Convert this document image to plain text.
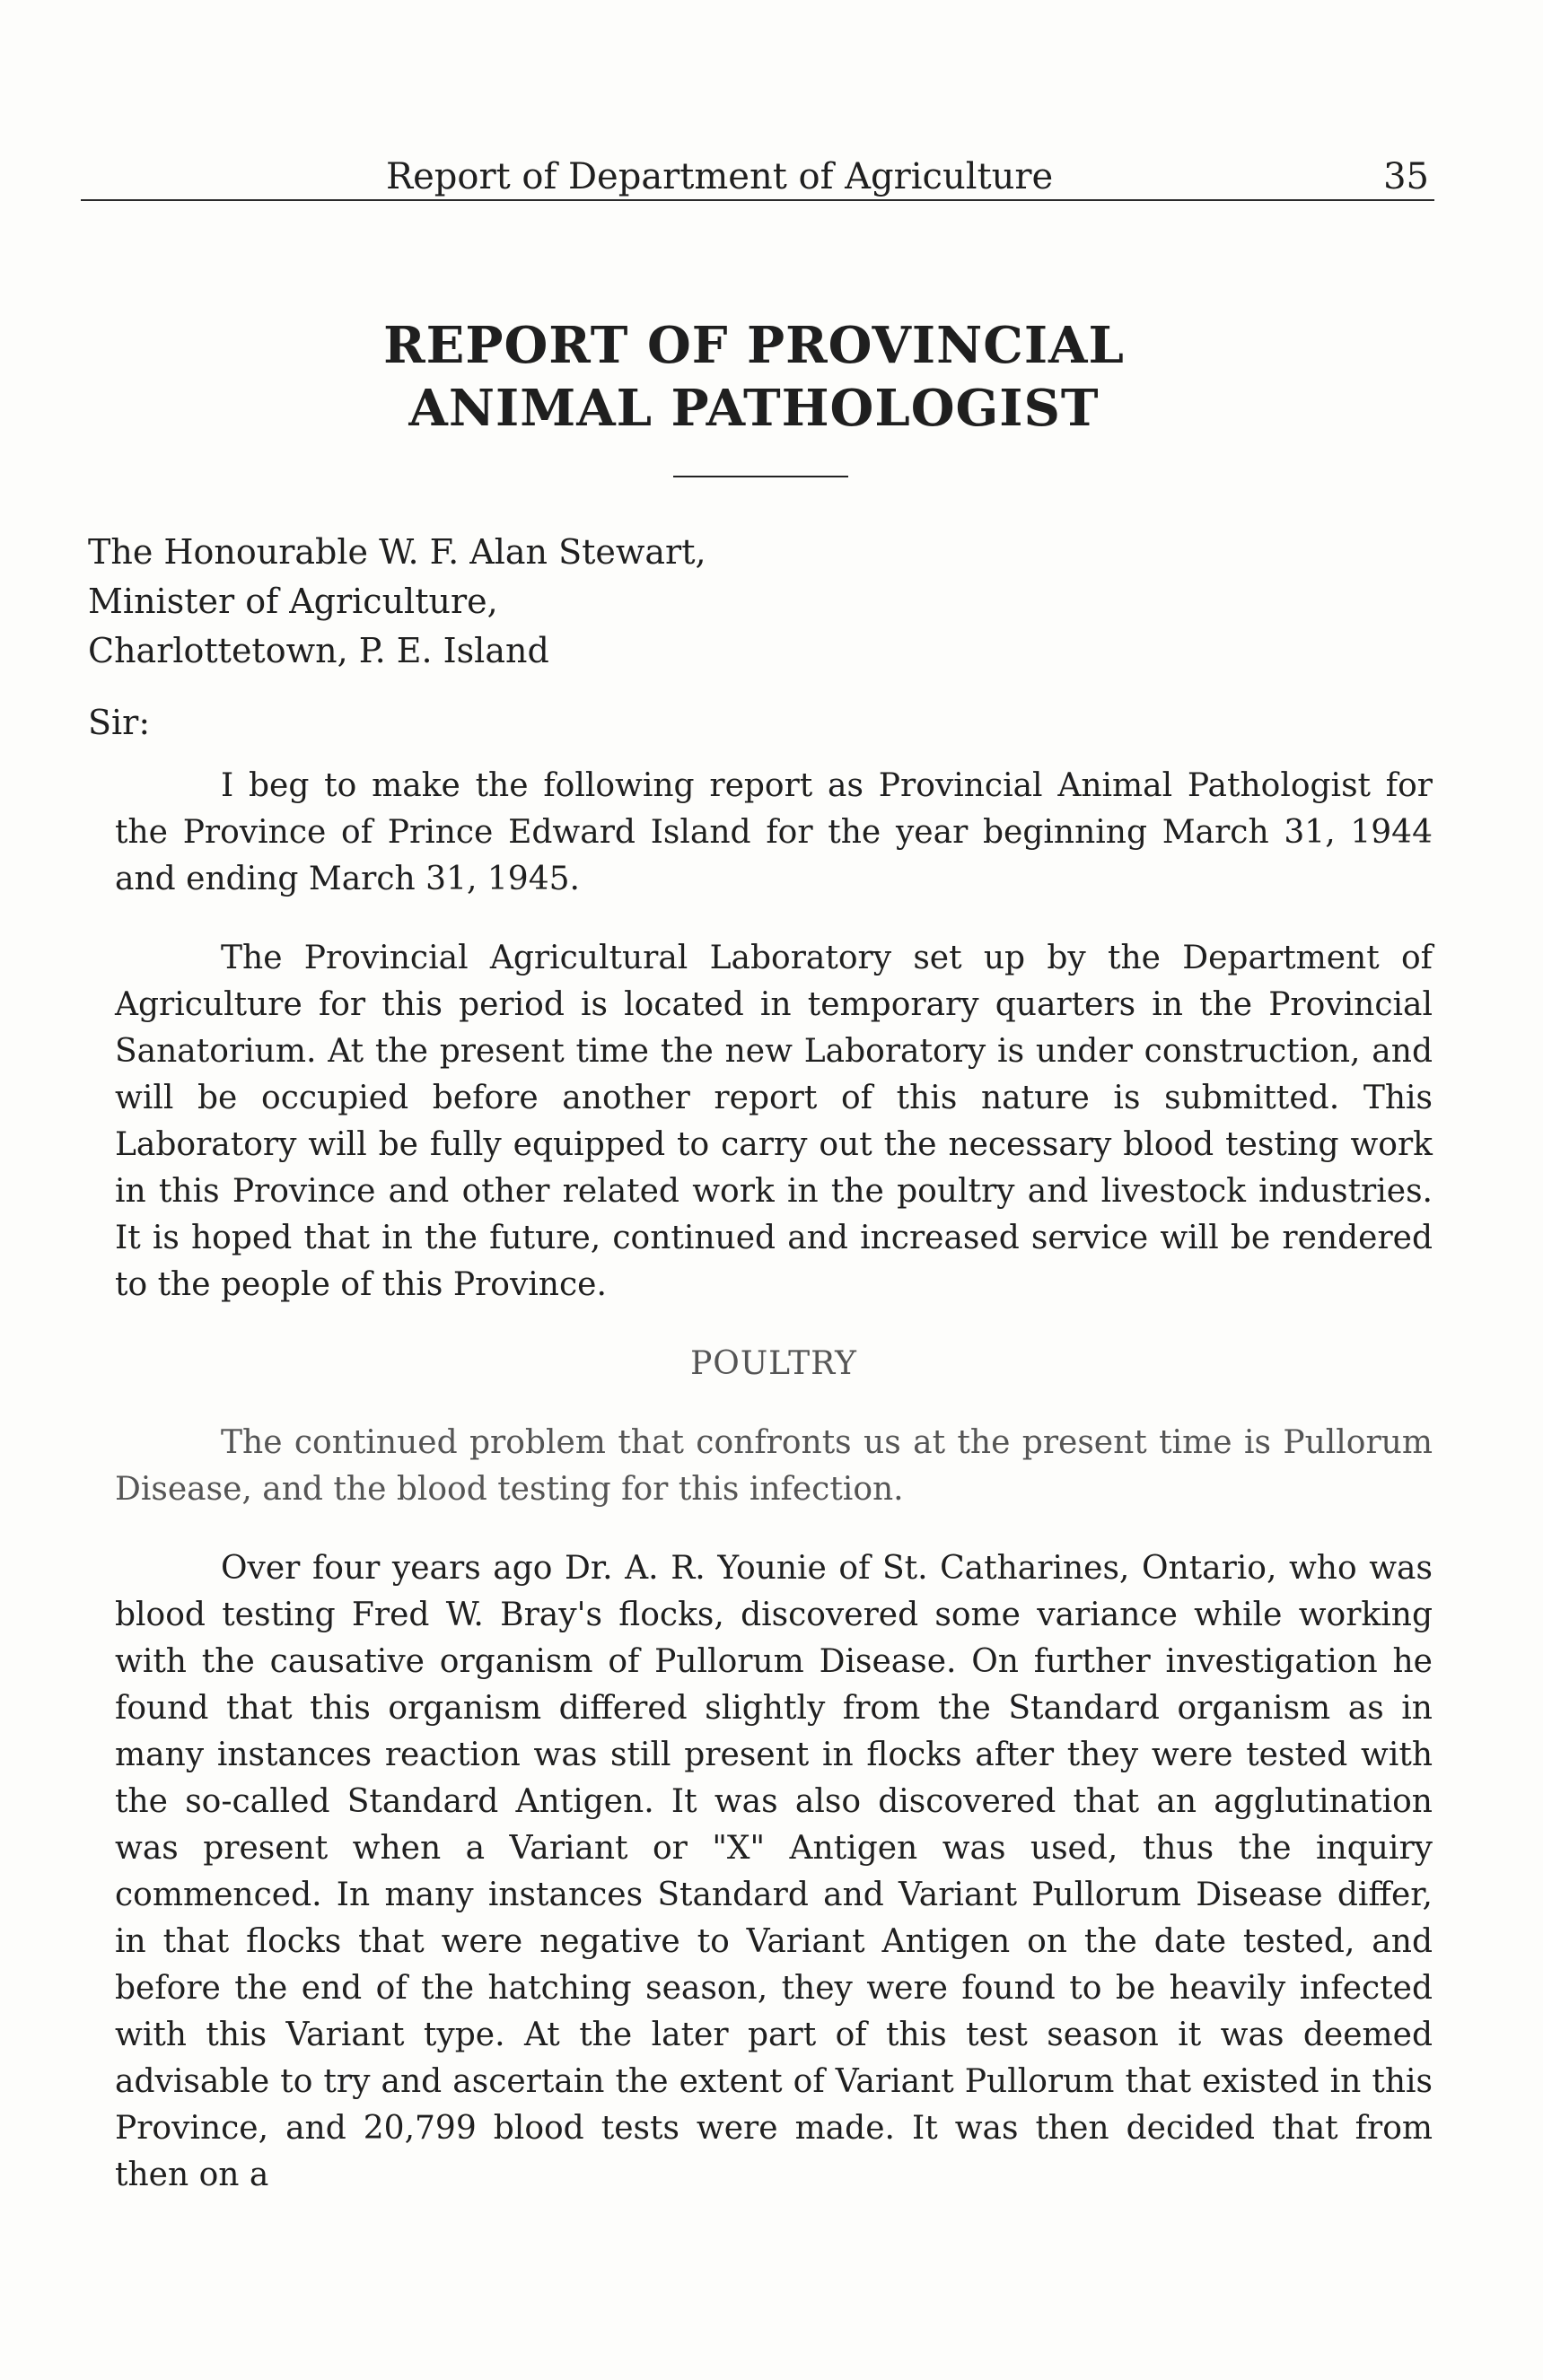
Report of Department of Agriculture	35
REPORT OF PROVINCIAL
ANIMAL PATHOLOGIST
The Honourable W. F. Alan Stewart,
Minister of Agriculture,
Charlottetown, P. E. Island
Sir:

I beg to make the following report as Provincial Animal Pathologist for the Province of Prince Edward Island for the year beginning March 31, 1944 and ending March 31, 1945.

The Provincial Agricultural Laboratory set up by the Department of Agriculture for this period is located in temporary quarters in the Provincial Sanatorium. At the present time the new Laboratory is under construction, and will be occupied before another report of this nature is submitted. This Laboratory will be fully equipped to carry out the necessary blood testing work in this Province and other related work in the poultry and livestock industries. It is hoped that in the future, continued and increased service will be rendered to the people of this Province.

POULTRY

The continued problem that confronts us at the present time is Pullorum Disease, and the blood testing for this infection.

Over four years ago Dr. A. R. Younie of St. Catharines, Ontario, who was blood testing Fred W. Bray's flocks, discovered some variance while working with the causative organism of Pullorum Disease. On further investigation he found that this organism differed slightly from the Standard organism as in many instances reaction was still present in flocks after they were tested with the so-called Standard Antigen. It was also discovered that an agglutination was present when a Variant or "X" Antigen was used, thus the inquiry commenced. In many instances Standard and Variant Pullorum Disease differ, in that flocks that were negative to Variant Antigen on the date tested, and before the end of the hatching season, they were found to be heavily infected with this Variant type. At the later part of this test season it was deemed advisable to try and ascertain the extent of Variant Pullorum that existed in this Province, and 20,799 blood tests were made. It was then decided that from then on a
